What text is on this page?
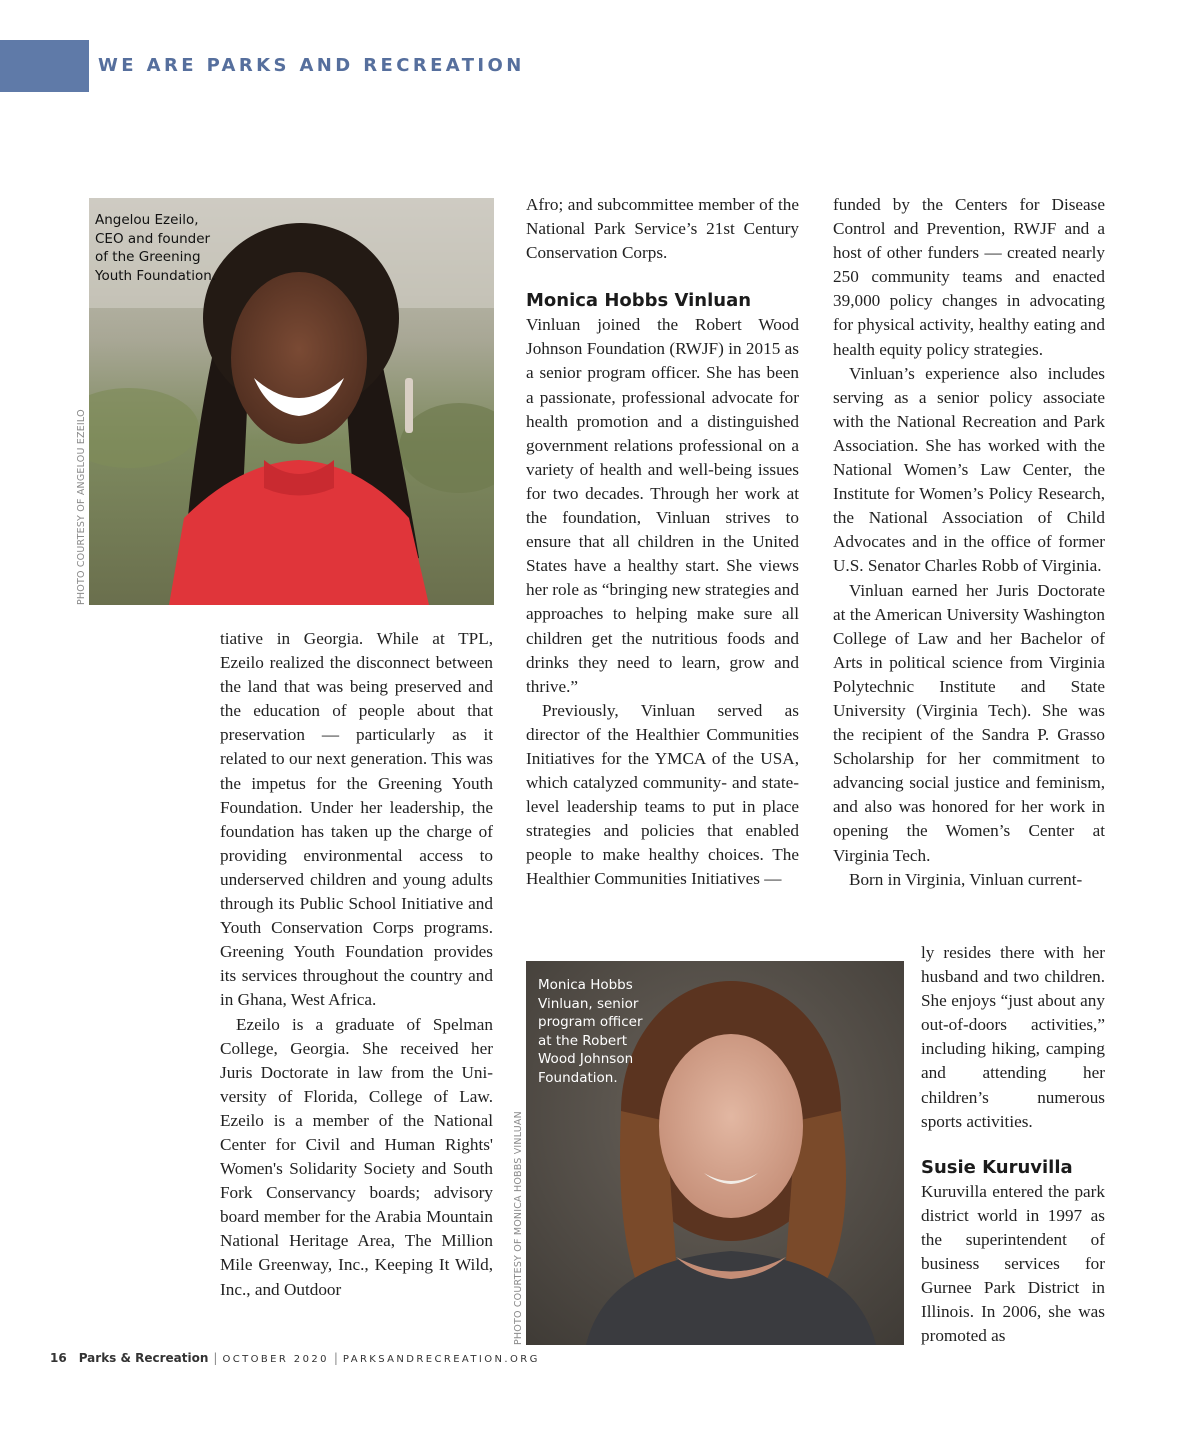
WE ARE PARKS AND RECREATION

Angelou Ezeilo,
CEO and founder
of the Greening
Youth Foundation.

PHOTO COURTESY OF ANGELOU EZEILO

Monica Hobbs
Vinluan, senior
program officer
at the Robert
Wood Johnson
Foundation.

PHOTO COURTESY OF MONICA HOBBS VINLUAN

tiative in Georgia. While at TPL, Ezeilo realized the disconnect between the land that was being preserved and the education of people about that preservation — particularly as it related to our next generation. This was the impetus for the Greening Youth Foundation. Under her leadership, the foundation has taken up the charge of providing environmental access to underserved children and young adults through its Public School Initiative and Youth Conservation Corps programs. Greening Youth Foundation provides its services throughout the country and in Ghana, West Africa.

Ezeilo is a graduate of Spelman College, Georgia. She received her Juris Doctorate in law from the University of Florida, College of Law. Ezeilo is a member of the National Center for Civil and Human Rights' Women's Solidarity Society and South Fork Conservancy boards; advisory board member for the Arabia Mountain National Heritage Area, The Million Mile Greenway, Inc., Keeping It Wild, Inc., and Outdoor

Afro; and subcommittee member of the National Park Service’s 21st Century Conservation Corps.

Monica Hobbs Vinluan

Vinluan joined the Robert Wood Johnson Foundation (RWJF) in 2015 as a senior program officer. She has been a passionate, professional advocate for health promotion and a distinguished government relations professional on a variety of health and well-being issues for two decades. Through her work at the foundation, Vinluan strives to ensure that all children in the United States have a healthy start. She views her role as “bringing new strategies and approaches to helping make sure all children get the nutritious foods and drinks they need to learn, grow and thrive.”

Previously, Vinluan served as director of the Healthier Communities Initiatives for the YMCA of the USA, which catalyzed community- and state-level leadership teams to put in place strategies and policies that enabled people to make healthy choices. The Healthier Communities Initiatives —

funded by the Centers for Disease Control and Prevention, RWJF and a host of other funders — created nearly 250 community teams and enacted 39,000 policy changes in advocating for physical activity, healthy eating and health equity policy strategies.

Vinluan’s experience also includes serving as a senior policy associate with the National Recreation and Park Association. She has worked with the National Women’s Law Center, the Institute for Women’s Policy Research, the National Association of Child Advocates and in the office of former U.S. Senator Charles Robb of Virginia.

Vinluan earned her Juris Doctorate at the American University Washington College of Law and her Bachelor of Arts in political science from Virginia Polytechnic Institute and State University (Virginia Tech). She was the recipient of the Sandra P. Grasso Scholarship for her commitment to advancing social justice and feminism, and also was honored for her work in opening the Women’s Center at Virginia Tech.

Born in Virginia, Vinluan current-

ly resides there with her husband and two children. She enjoys “just about any out-of-doors activities,” including hiking, camping and attending her children’s numerous sports activities.

Susie Kuruvilla

Kuruvilla entered the park district world in 1997 as the superintendent of business services for Gurnee Park District in Illinois. In 2006, she was promoted as

16 Parks & Recreation | OCTOBER 2020 | PARKSANDRECREATION.ORG
